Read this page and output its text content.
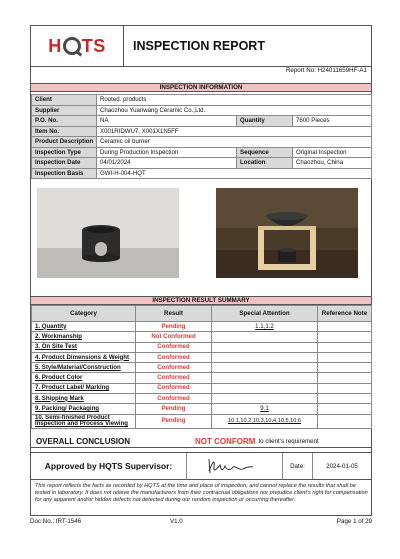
H TS INSPECTION REPORT
Report No: H24011659HF-A1
INSPECTION INFORMATION
Client	Rooted. products		
Supplier	Chaozhou Yuanwang Ceramic Co.,Ltd.		
P.O. No.	NA	Quantity	7600 Pieces
Item No.	X001RIDWU7, X001X1N5FF		
Product Description	Ceramic oil burner		
Inspection Type	During Production Inspection	Sequence	Original Inspection
Inspection Date	04/01/2024	Location	Chaozhou, China
Inspection Basis	GWI-H-004-HQT		
INSPECTION RESULT SUMMARY
Category	Result	Special Attention	Reference Note
1. Quantity	Pending	1.1,1.2	
2. Workmanship	Not Conformed		
3. On Site Test	Conformed		
4. Product Dimensions & Weight	Conformed		
5. Style/Material/Construction	Conformed		
6. Product Color	Conformed		
7. Product Label/ Marking	Conformed		
8. Shipping Mark	Conformed		
9. Packing/ Packaging	Pending	9.1	
10. Semi-finished Product Inspection and Process Viewing	Pending	10.1,10.2,10.3,10.4,10.5,10.6	
OVERALL CONCLUSION	NOT CONFORM to client's requirement
Approved by HQTS Supervisor:	Date:	2024-01-05
This report reflects the facts as recorded by HQTS at the time and place of inspection, and cannot replace the results that shall be tested in laboratory. It does not relieve the manufacturers from their contractual obligations nor prejudice client's right for compensation for any apparent and/or hidden defects not detected during our random inspection or occurring thereafter.
Doc No.: IRT-1546	V1.0	Page 1 of 29
